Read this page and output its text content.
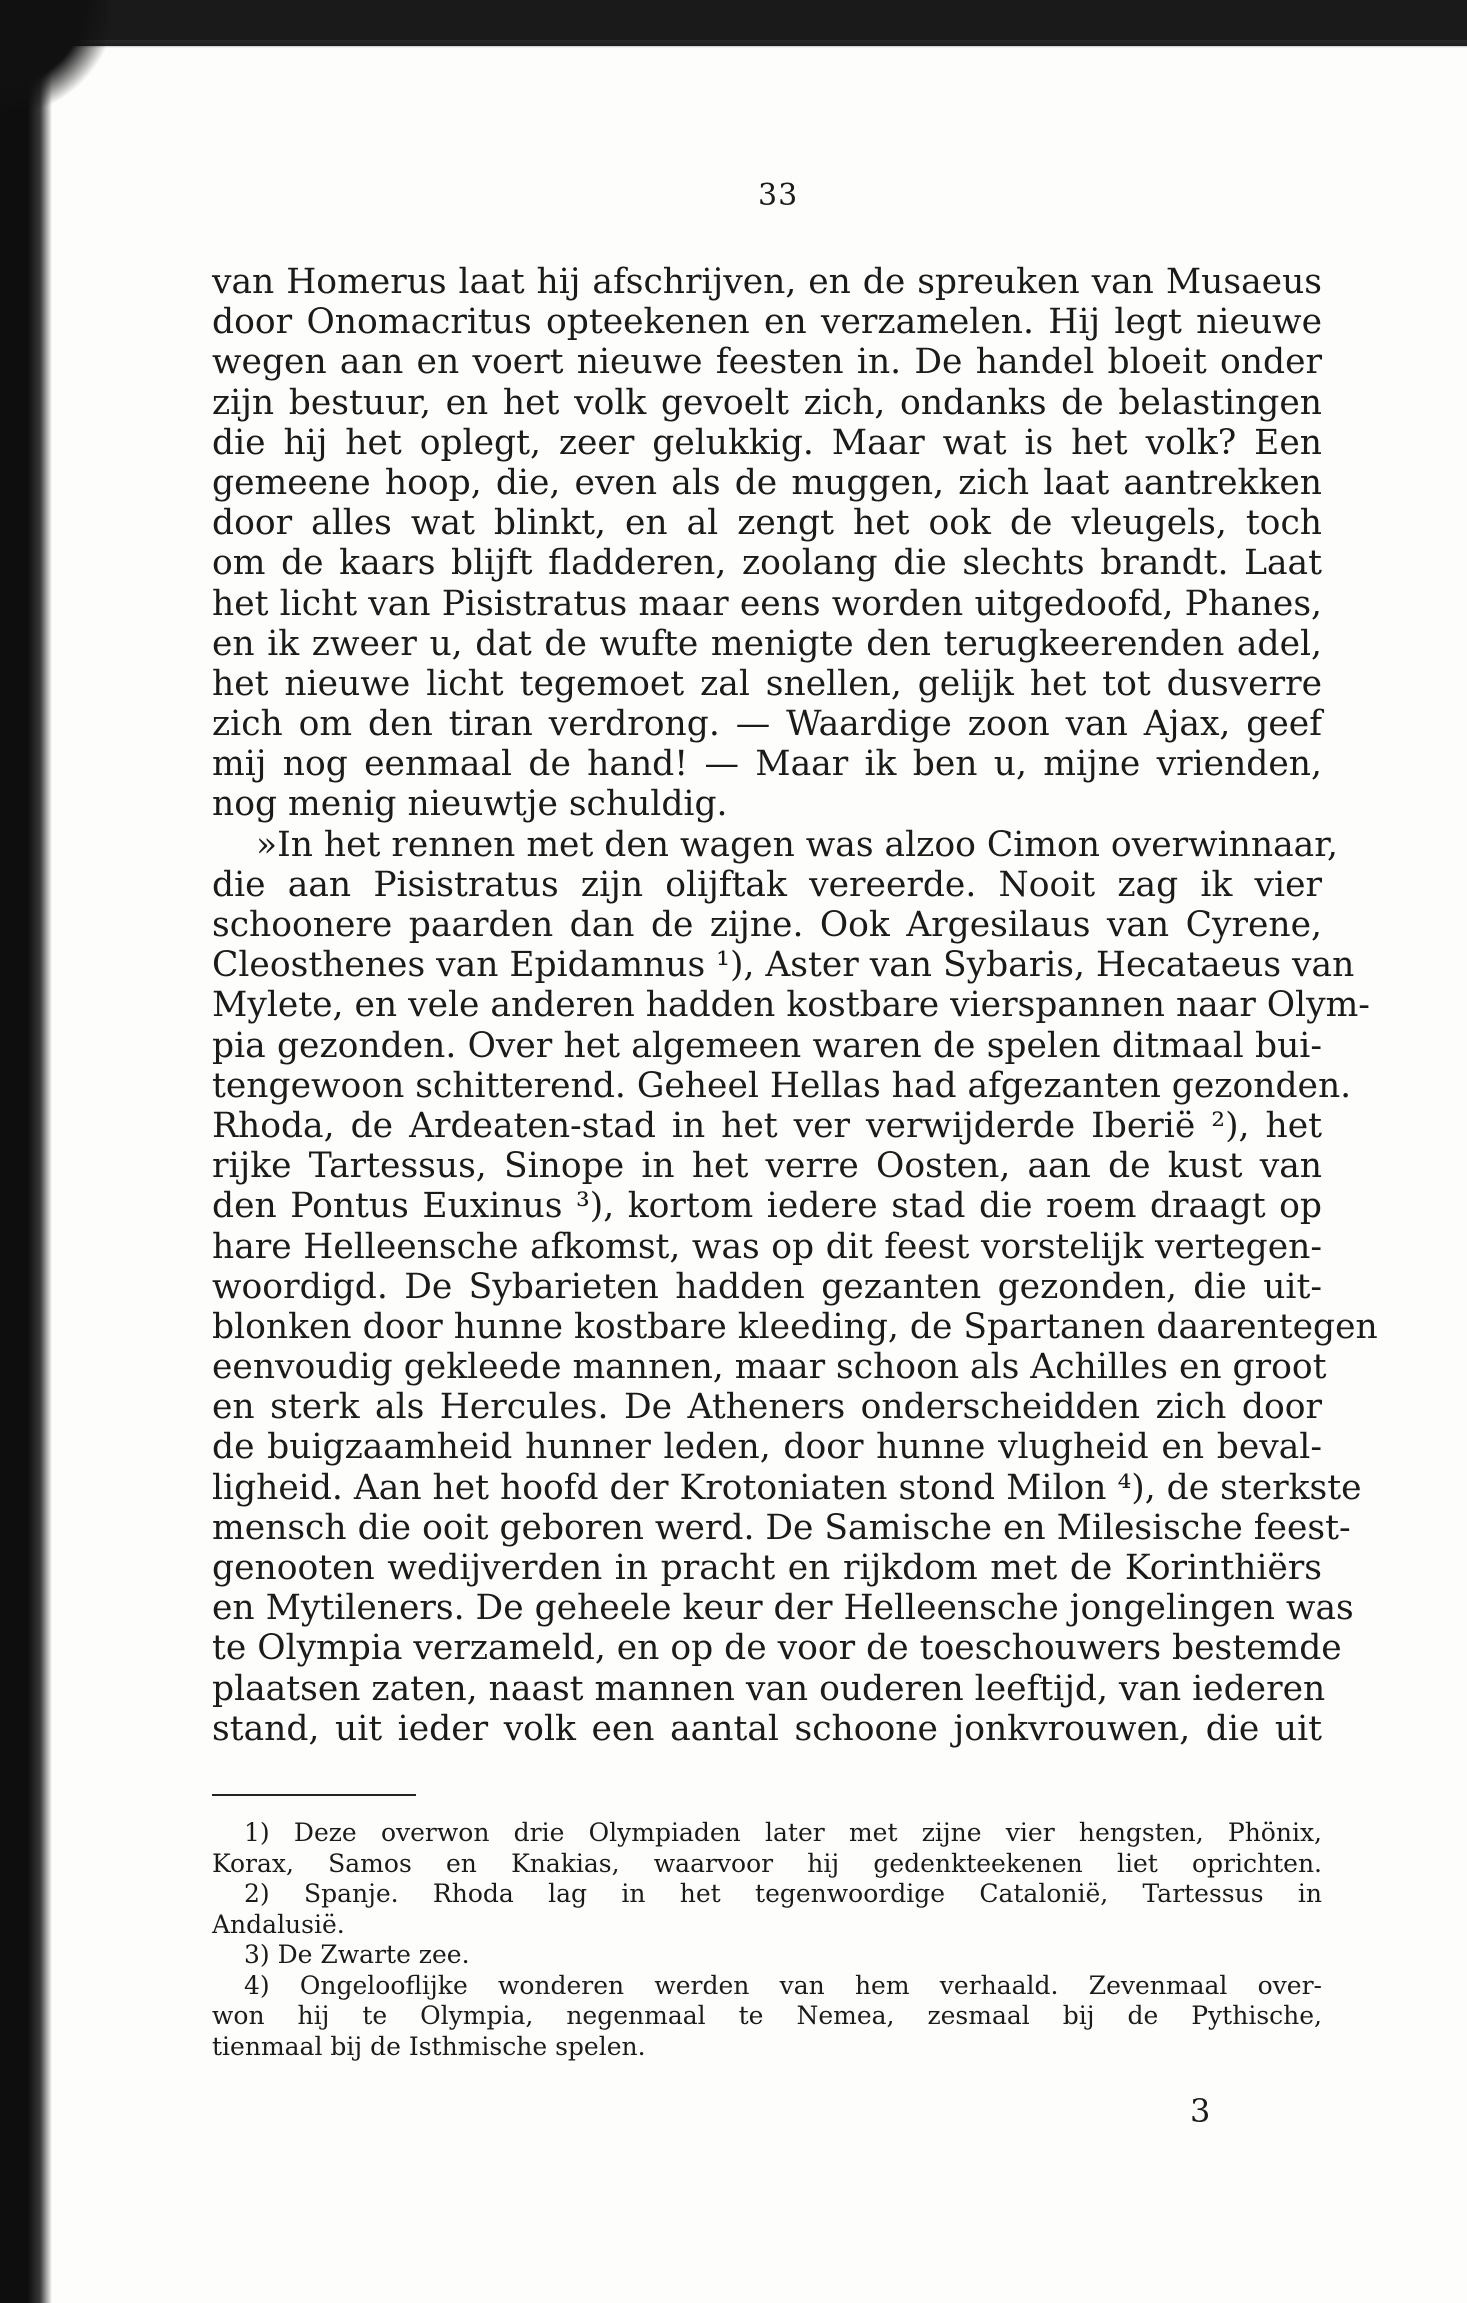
33
van Homerus laat hij afschrijven, en de spreuken van Musaeus
door Onomacritus opteekenen en verzamelen. Hij legt nieuwe
wegen aan en voert nieuwe feesten in. De handel bloeit onder
zijn bestuur, en het volk gevoelt zich, ondanks de belastingen
die hij het oplegt, zeer gelukkig. Maar wat is het volk? Een
gemeene hoop, die, even als de muggen, zich laat aantrekken
door alles wat blinkt, en al zengt het ook de vleugels, toch
om de kaars blijft fladderen, zoolang die slechts brandt. Laat
het licht van Pisistratus maar eens worden uitgedoofd, Phanes,
en ik zweer u, dat de wufte menigte den terugkeerenden adel,
het nieuwe licht tegemoet zal snellen, gelijk het tot dusverre
zich om den tiran verdrong. — Waardige zoon van Ajax, geef
mij nog eenmaal de hand! — Maar ik ben u, mijne vrienden,
nog menig nieuwtje schuldig.
»In het rennen met den wagen was alzoo Cimon overwinnaar,
die aan Pisistratus zijn olijftak vereerde. Nooit zag ik vier
schoonere paarden dan de zijne. Ook Argesilaus van Cyrene,
Cleosthenes van Epidamnus ¹), Aster van Sybaris, Hecataeus van
Mylete, en vele anderen hadden kostbare vierspannen naar Olym-
pia gezonden. Over het algemeen waren de spelen ditmaal bui-
tengewoon schitterend. Geheel Hellas had afgezanten gezonden.
Rhoda, de Ardeaten-stad in het ver verwijderde Iberië ²), het
rijke Tartessus, Sinope in het verre Oosten, aan de kust van
den Pontus Euxinus ³), kortom iedere stad die roem draagt op
hare Helleensche afkomst, was op dit feest vorstelijk vertegen-
woordigd. De Sybarieten hadden gezanten gezonden, die uit-
blonken door hunne kostbare kleeding, de Spartanen daarentegen
eenvoudig gekleede mannen, maar schoon als Achilles en groot
en sterk als Hercules. De Atheners onderscheidden zich door
de buigzaamheid hunner leden, door hunne vlugheid en beval-
ligheid. Aan het hoofd der Krotoniaten stond Milon ⁴), de sterkste
mensch die ooit geboren werd. De Samische en Milesische feest-
genooten wedijverden in pracht en rijkdom met de Korinthiërs
en Mytileners. De geheele keur der Helleensche jongelingen was
te Olympia verzameld, en op de voor de toeschouwers bestemde
plaatsen zaten, naast mannen van ouderen leeftijd, van iederen
stand, uit ieder volk een aantal schoone jonkvrouwen, die uit
1) Deze overwon drie Olympiaden later met zijne vier hengsten, Phönix,
Korax, Samos en Knakias, waarvoor hij gedenkteekenen liet oprichten.
2) Spanje. Rhoda lag in het tegenwoordige Catalonië, Tartessus in
Andalusië.
3) De Zwarte zee.
4) Ongelooflijke wonderen werden van hem verhaald. Zevenmaal over-
won hij te Olympia, negenmaal te Nemea, zesmaal bij de Pythische,
tienmaal bij de Isthmische spelen.
3
